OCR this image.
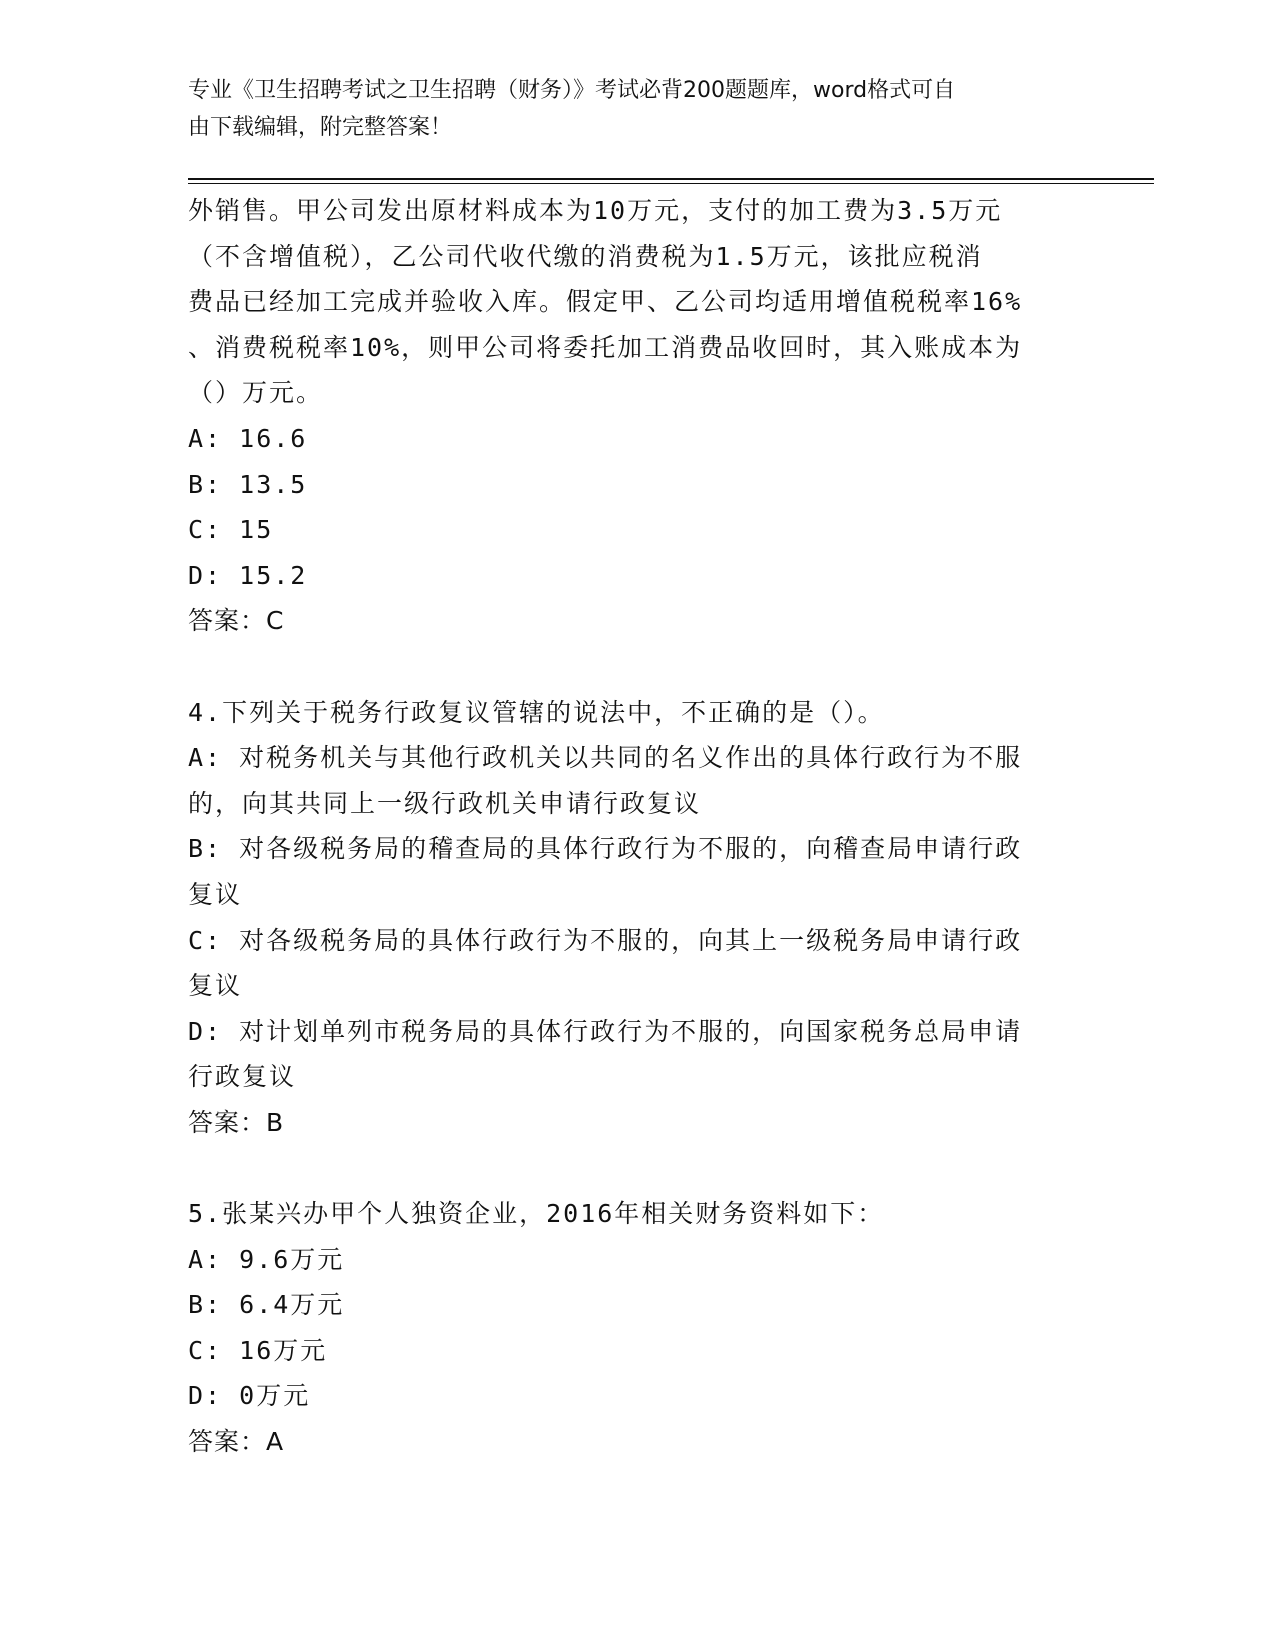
专业《卫生招聘考试之卫生招聘（财务）》考试必背200题题库，word格式可自
由下载编辑，附完整答案！
外销售。甲公司发出原材料成本为10万元，支付的加工费为3.5万元
（不含增值税），乙公司代收代缴的消费税为1.5万元，该批应税消
费品已经加工完成并验收入库。假定甲、乙公司均适用增值税税率16%
、消费税税率10%，则甲公司将委托加工消费品收回时，其入账成本为
（）万元。
A: 16.6
B: 13.5
C: 15
D: 15.2
答案：C
4.下列关于税务行政复议管辖的说法中，不正确的是（）。
A: 对税务机关与其他行政机关以共同的名义作出的具体行政行为不服
的，向其共同上一级行政机关申请行政复议
B: 对各级税务局的稽查局的具体行政行为不服的，向稽查局申请行政
复议
C: 对各级税务局的具体行政行为不服的，向其上一级税务局申请行政
复议
D: 对计划单列市税务局的具体行政行为不服的，向国家税务总局申请
行政复议
答案：B
5.张某兴办甲个人独资企业，2016年相关财务资料如下：
A: 9.6万元
B: 6.4万元
C: 16万元
D: 0万元
答案：A
